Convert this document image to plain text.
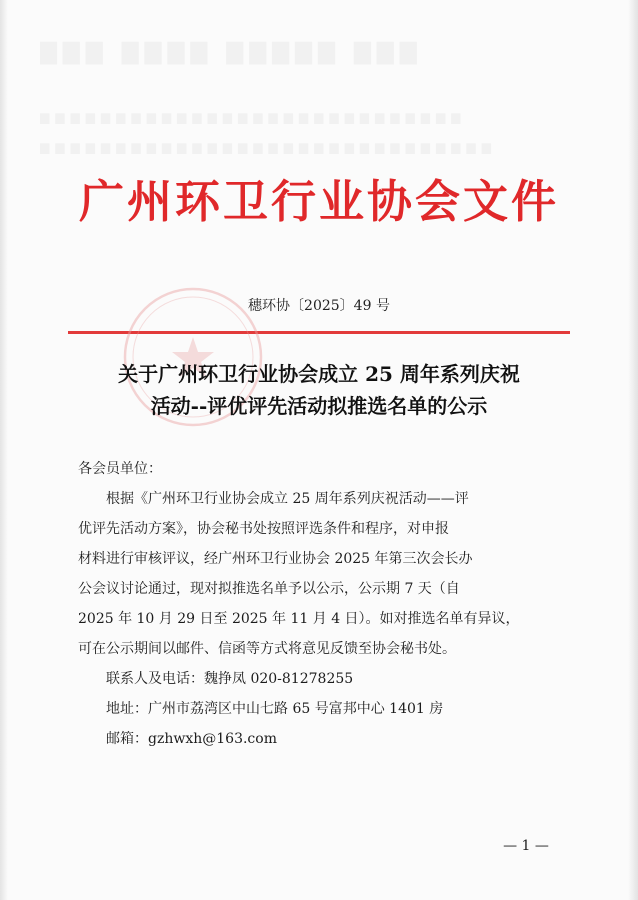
▇▇▇ ▇▇▇▇ ▇▇▇▇▇ ▇▇▇
▆▆▆▆▆▆▆▆▆▆▆▆▆▆▆▆▆▆▆▆▆▆▆▆▆▆▆▆
▆▆▆▆▆▆▆▆▆▆▆▆▆▆▆▆▆▆▆▆▆▆▆▆▆▆▆▆▆▆
广州环卫行业协会文件
穗环协〔2025〕49 号
关于广州环卫行业协会成立 25 周年系列庆祝
活动--评优评先活动拟推选名单的公示
各会员单位：
根据《广州环卫行业协会成立 25 周年系列庆祝活动——评
优评先活动方案》，协会秘书处按照评选条件和程序，对申报
材料进行审核评议，经广州环卫行业协会 2025 年第三次会长办
公会议讨论通过，现对拟推选名单予以公示，公示期 7 天（自
2025 年 10 月 29 日至 2025 年 11 月 4 日）。如对推选名单有异议，
可在公示期间以邮件、信函等方式将意见反馈至协会秘书处。
联系人及电话：魏挣凤 020-81278255
地址：广州市荔湾区中山七路 65 号富邦中心 1401 房
邮箱：gzhwxh@163.com
— 1 —
